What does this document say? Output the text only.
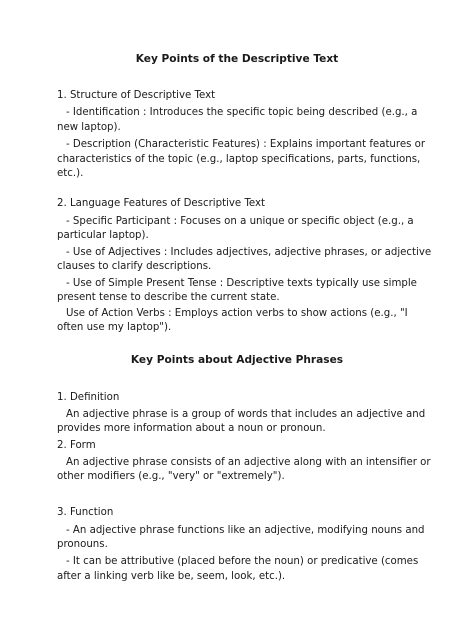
Key Points of the Descriptive Text
1. Structure of Descriptive Text
- Identification : Introduces the specific topic being described (e.g., a
new laptop).
- Description (Characteristic Features) : Explains important features or
characteristics of the topic (e.g., laptop specifications, parts, functions,
etc.).
2. Language Features of Descriptive Text
- Specific Participant : Focuses on a unique or specific object (e.g., a
particular laptop).
- Use of Adjectives : Includes adjectives, adjective phrases, or adjective
clauses to clarify descriptions.
- Use of Simple Present Tense : Descriptive texts typically use simple
present tense to describe the current state.
Use of Action Verbs : Employs action verbs to show actions (e.g., "I
often use my laptop").
Key Points about Adjective Phrases
1. Definition
An adjective phrase is a group of words that includes an adjective and
provides more information about a noun or pronoun.
2. Form
An adjective phrase consists of an adjective along with an intensifier or
other modifiers (e.g., "very" or "extremely").
3. Function
- An adjective phrase functions like an adjective, modifying nouns and
pronouns.
- It can be attributive (placed before the noun) or predicative (comes
after a linking verb like be, seem, look, etc.).
